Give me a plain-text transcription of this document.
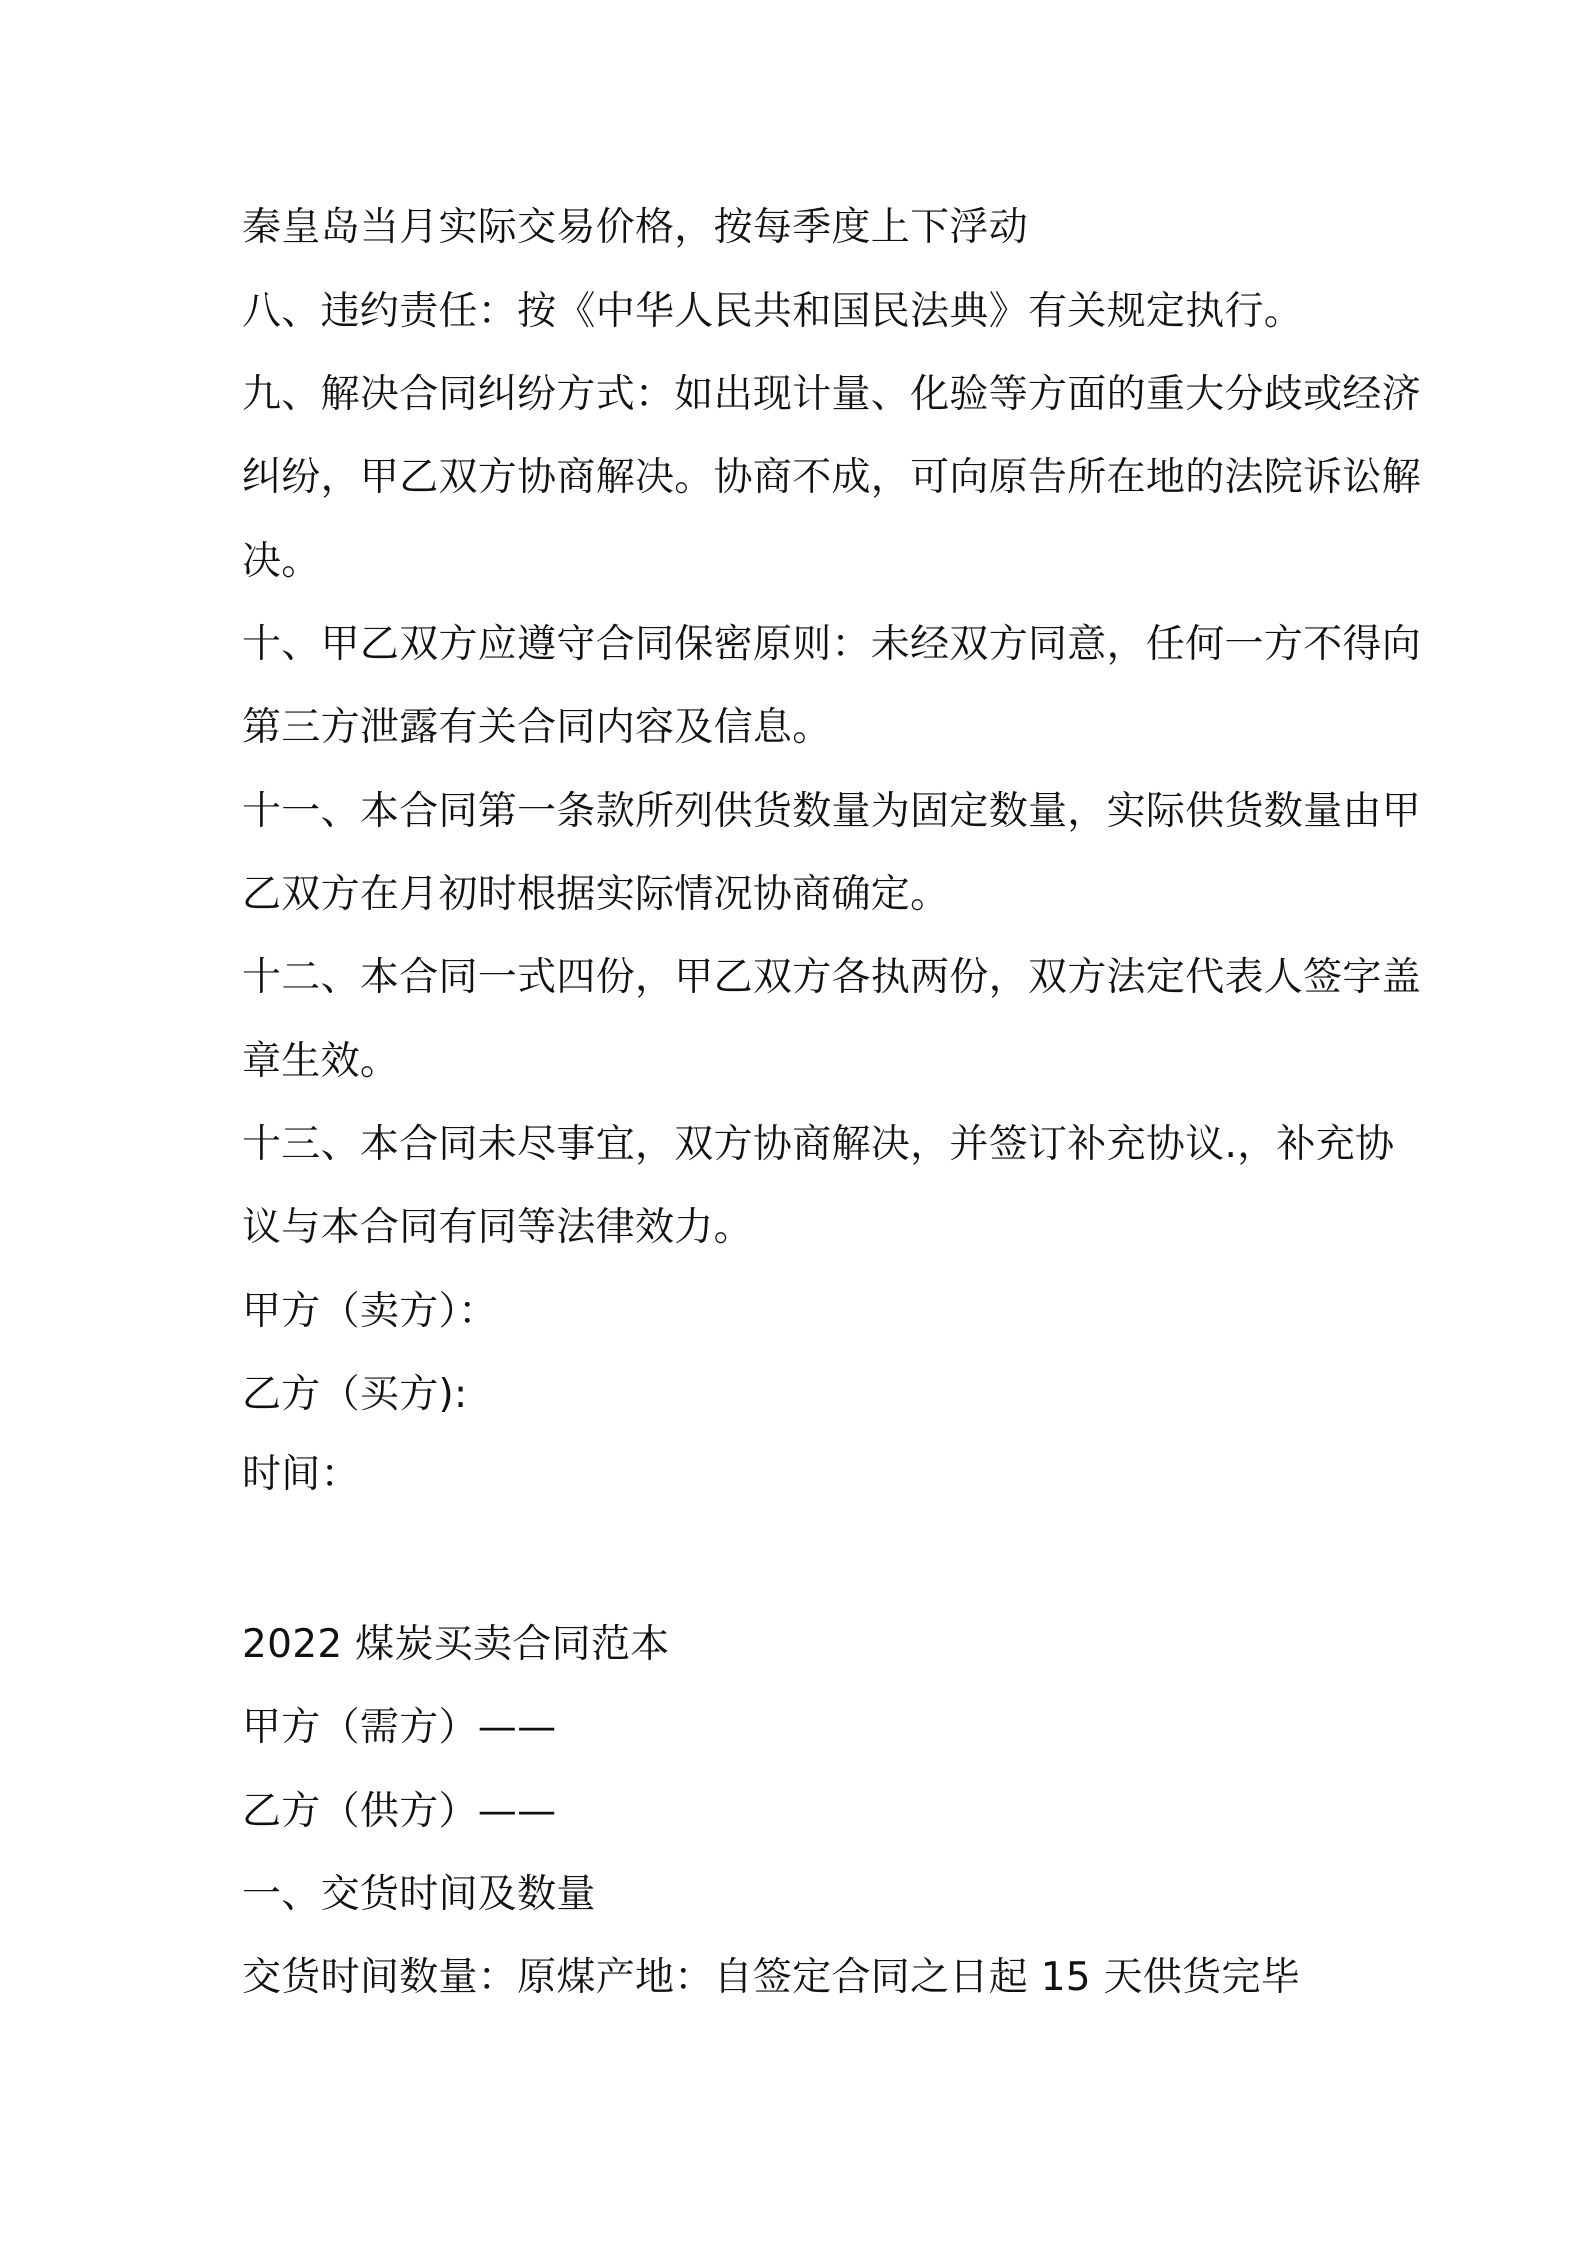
秦皇岛当月实际交易价格，按每季度上下浮动
八、违约责任：按《中华人民共和国民法典》有关规定执行。
九、解决合同纠纷方式：如出现计量、化验等方面的重大分歧或经济
纠纷，甲乙双方协商解决。协商不成，可向原告所在地的法院诉讼解
决。
十、甲乙双方应遵守合同保密原则：未经双方同意，任何一方不得向
第三方泄露有关合同内容及信息。
十一、本合同第一条款所列供货数量为固定数量，实际供货数量由甲
乙双方在月初时根据实际情况协商确定。
十二、本合同一式四份，甲乙双方各执两份，双方法定代表人签字盖
章生效。
十三、本合同未尽事宜，双方协商解决，并签订补充协议.，补充协
议与本合同有同等法律效力。
甲方（卖方）：
乙方（买方):
时间：
2022 煤炭买卖合同范本
甲方（需方）——
乙方（供方）——
一、交货时间及数量
交货时间数量：原煤产地：自签定合同之日起 15 天供货完毕
